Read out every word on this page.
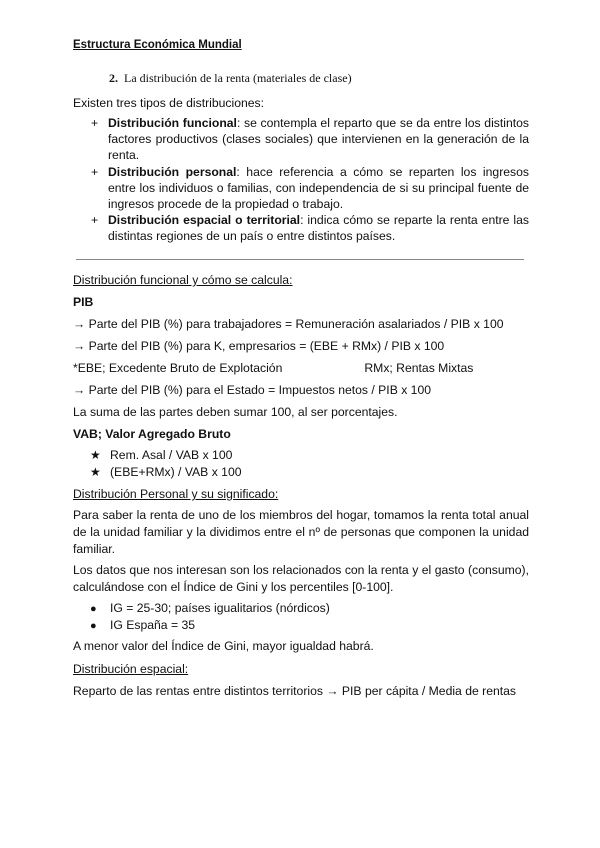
Estructura Económica Mundial
2. La distribución de la renta (materiales de clase)
Existen tres tipos de distribuciones:
+ Distribución funcional: se contempla el reparto que se da entre los distintos factores productivos (clases sociales) que intervienen en la generación de la renta.
+ Distribución personal: hace referencia a cómo se reparten los ingresos entre los individuos o familias, con independencia de si su principal fuente de ingresos procede de la propiedad o trabajo.
+ Distribución espacial o territorial: indica cómo se reparte la renta entre las distintas regiones de un país o entre distintos países.
Distribución funcional y cómo se calcula:
PIB
→ Parte del PIB (%) para trabajadores = Remuneración asalariados / PIB x 100
→ Parte del PIB (%) para K, empresarios = (EBE + RMx) / PIB x 100
*EBE; Excedente Bruto de Explotación	RMx; Rentas Mixtas
→ Parte del PIB (%) para el Estado = Impuestos netos / PIB x 100
La suma de las partes deben sumar 100, al ser porcentajes.
VAB; Valor Agregado Bruto
★ Rem. Asal / VAB x 100
★ (EBE+RMx) / VAB x 100
Distribución Personal y su significado:
Para saber la renta de uno de los miembros del hogar, tomamos la renta total anual de la unidad familiar y la dividimos entre el nº de personas que componen la unidad familiar.
Los datos que nos interesan son los relacionados con la renta y el gasto (consumo), calculándose con el Índice de Gini y los percentiles [0-100].
● IG = 25-30; países igualitarios (nórdicos)
● IG España = 35
A menor valor del Índice de Gini, mayor igualdad habrá.
Distribución espacial:
Reparto de las rentas entre distintos territorios → PIB per cápita / Media de rentas
